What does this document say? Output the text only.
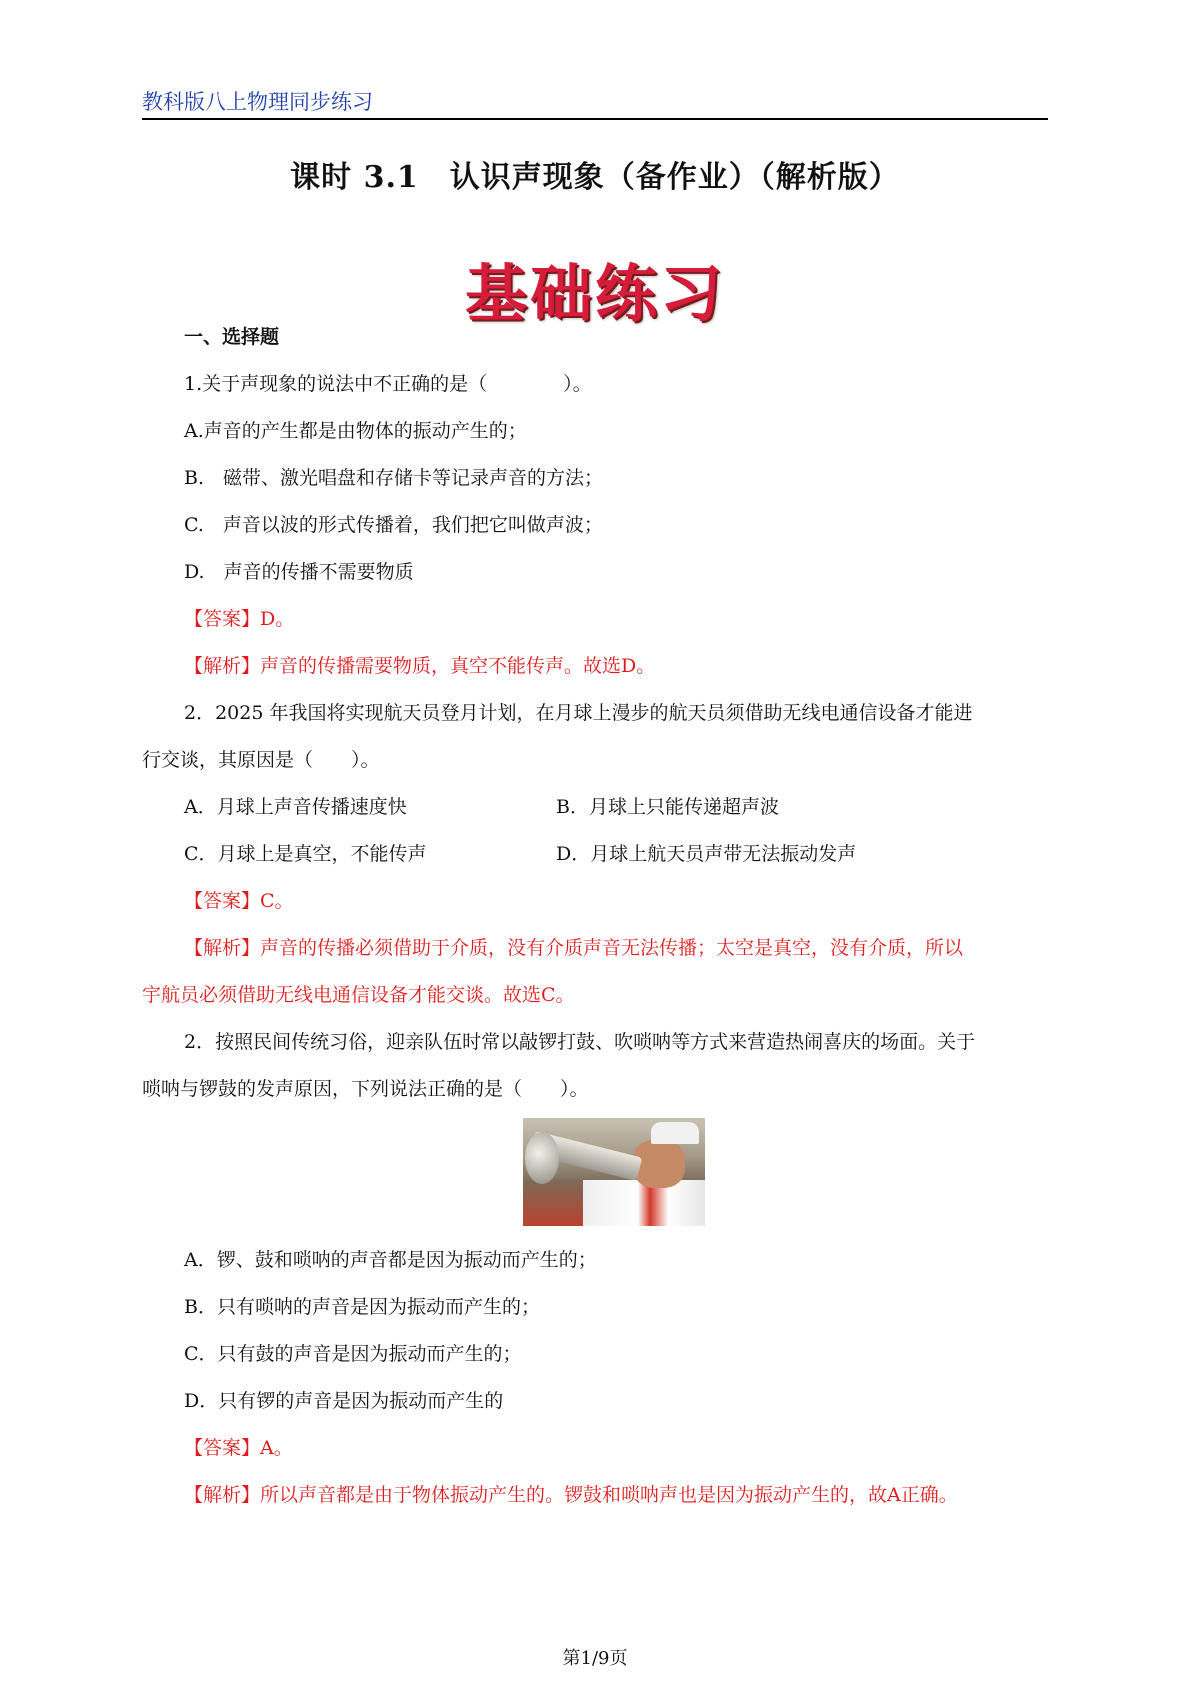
教科版八上物理同步练习
课时 3.1　认识声现象（备作业）（解析版）
基础练习
一、选择题
1.关于声现象的说法中不正确的是（　　　　）。
A.声音的产生都是由物体的振动产生的；
B.　磁带、激光唱盘和存储卡等记录声音的方法；
C.　声音以波的形式传播着，我们把它叫做声波；
D.　声音的传播不需要物质
【答案】D。
【解析】声音的传播需要物质，真空不能传声。故选D。
2．2025 年我国将实现航天员登月计划，在月球上漫步的航天员须借助无线电通信设备才能进
行交谈，其原因是（　　）。
A．月球上声音传播速度快	B．月球上只能传递超声波
C．月球上是真空，不能传声	D．月球上航天员声带无法振动发声
【答案】C。
【解析】声音的传播必须借助于介质，没有介质声音无法传播；太空是真空，没有介质，所以
宇航员必须借助无线电通信设备才能交谈。故选C。
2．按照民间传统习俗，迎亲队伍时常以敲锣打鼓、吹唢呐等方式来营造热闹喜庆的场面。关于
唢呐与锣鼓的发声原因，下列说法正确的是（　　）。
A．锣、鼓和唢呐的声音都是因为振动而产生的；
B．只有唢呐的声音是因为振动而产生的；
C．只有鼓的声音是因为振动而产生的；
D．只有锣的声音是因为振动而产生的
【答案】A。
【解析】所以声音都是由于物体振动产生的。锣鼓和唢呐声也是因为振动产生的，故A正确。
第1/9页
